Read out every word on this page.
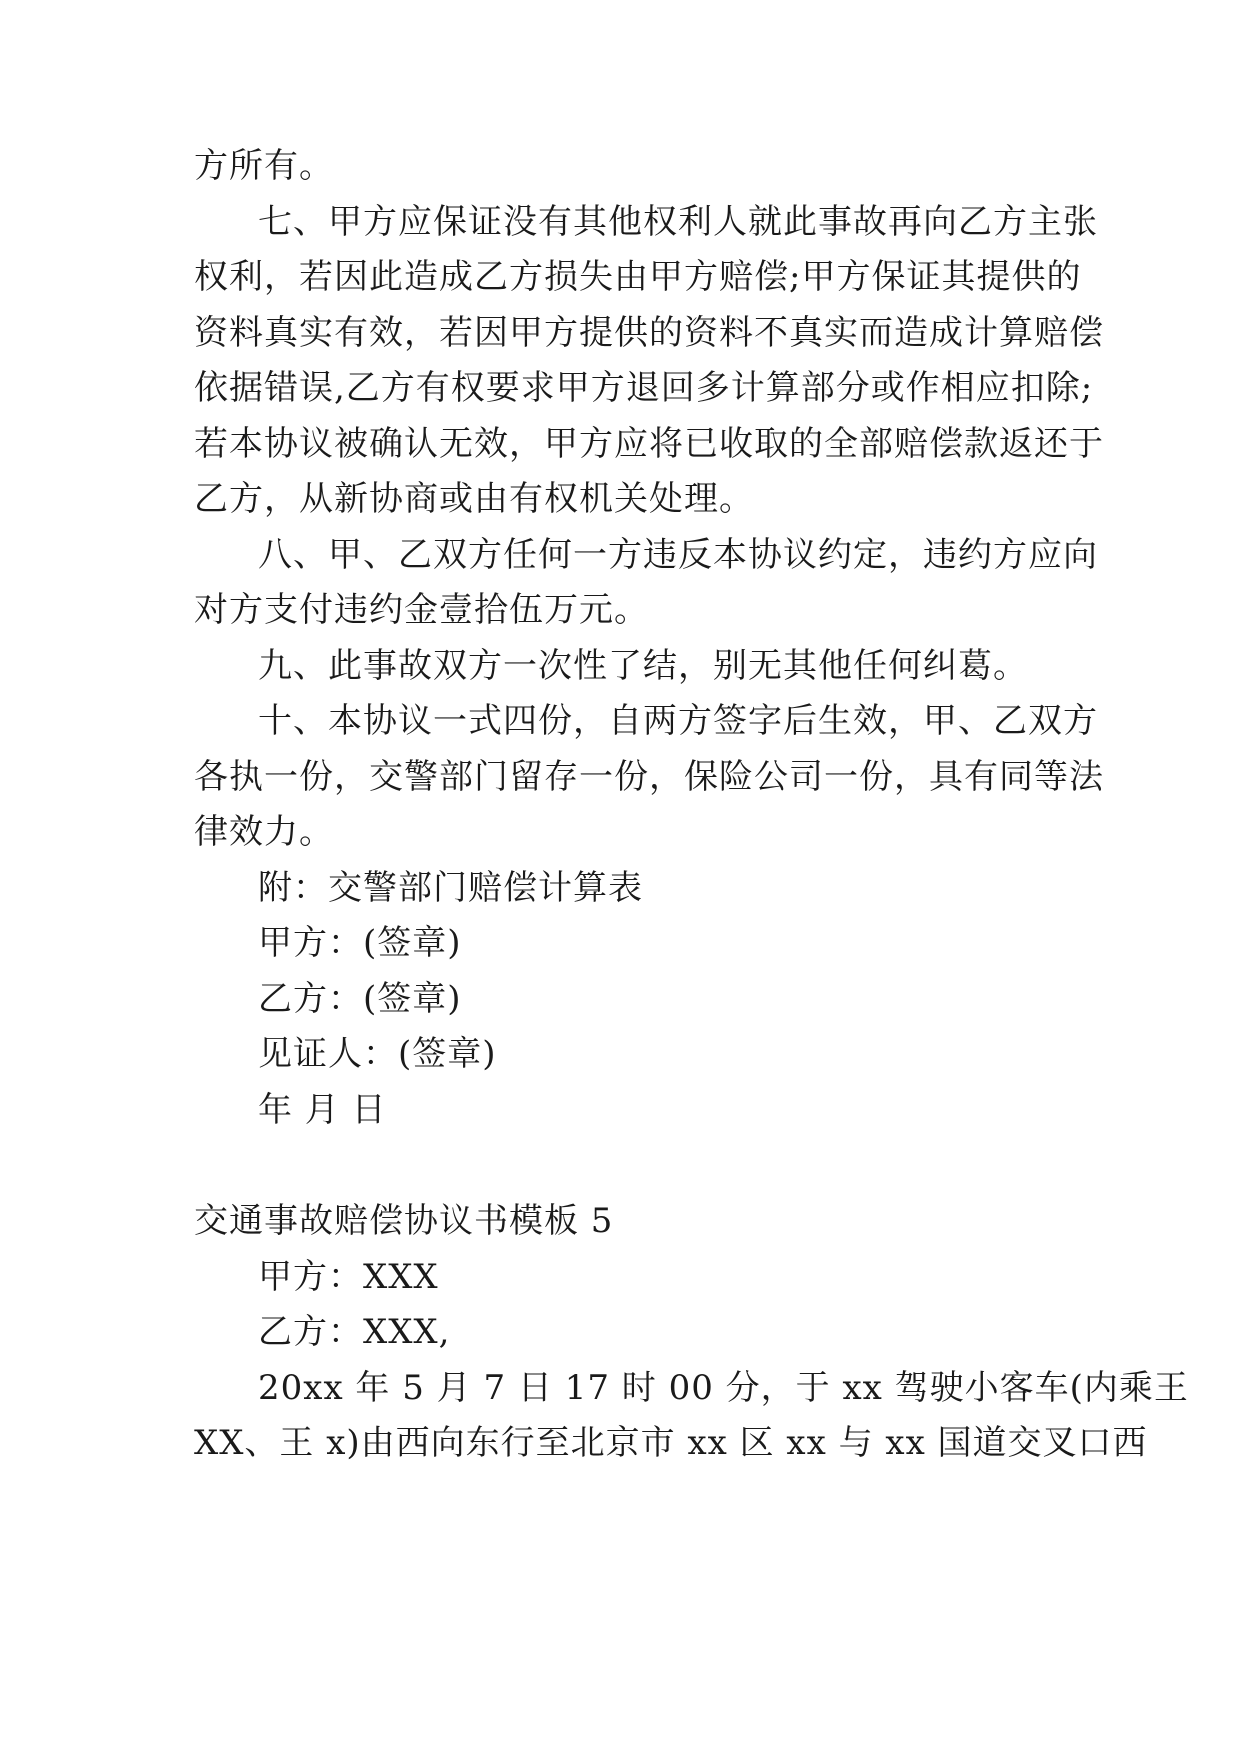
方所有。
七、甲方应保证没有其他权利人就此事故再向乙方主张
权利，若因此造成乙方损失由甲方赔偿;甲方保证其提供的
资料真实有效，若因甲方提供的资料不真实而造成计算赔偿
依据错误,乙方有权要求甲方退回多计算部分或作相应扣除;
若本协议被确认无效，甲方应将已收取的全部赔偿款返还于
乙方，从新协商或由有权机关处理。
八、甲、乙双方任何一方违反本协议约定，违约方应向
对方支付违约金壹拾伍万元。
九、此事故双方一次性了结，别无其他任何纠葛。
十、本协议一式四份，自两方签字后生效，甲、乙双方
各执一份，交警部门留存一份，保险公司一份，具有同等法
律效力。
附：交警部门赔偿计算表
甲方：(签章)
乙方：(签章)
见证人：(签章)
年 月 日
交通事故赔偿协议书模板 5
甲方：XXX
乙方：XXX,
20xx 年 5 月 7 日 17 时 00 分，于 xx 驾驶小客车(内乘王
XX、王 x)由西向东行至北京市 xx 区 xx 与 xx 国道交叉口西
